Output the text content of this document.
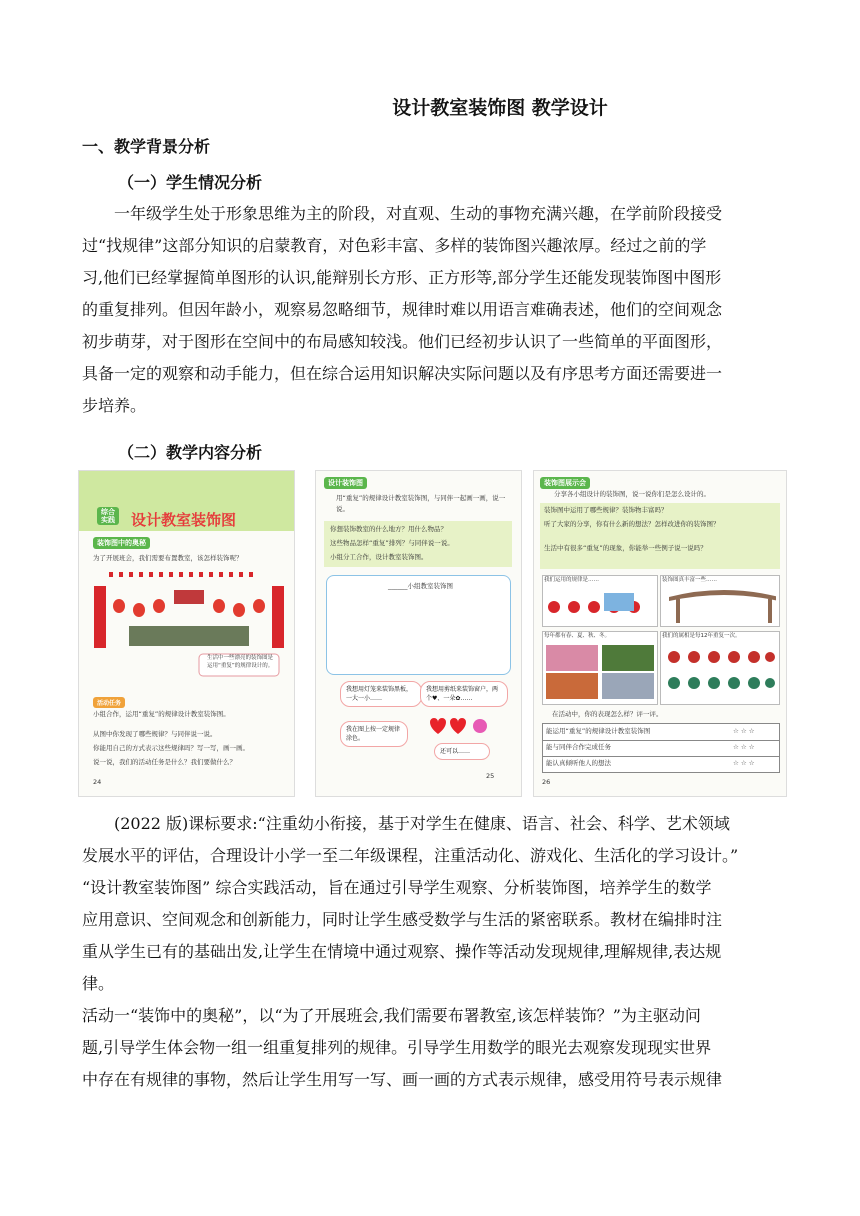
设计教室装饰图 教学设计
一、教学背景分析
（一）学生情况分析
　　一年级学生处于形象思维为主的阶段，对直观、生动的事物充满兴趣，在学前阶段接受
过“找规律”这部分知识的启蒙教育，对色彩丰富、多样的装饰图兴趣浓厚。经过之前的学
习,他们已经掌握简单图形的认识,能辩别长方形、正方形等,部分学生还能发现装饰图中图形
的重复排列。但因年龄小，观察易忽略细节，规律时难以用语言难确表述，他们的空间观念
初步萌芽，对于图形在空间中的布局感知较浅。他们已经初步认识了一些简单的平面图形，
具备一定的观察和动手能力，但在综合运用知识解决实际问题以及有序思考方面还需要进一
步培养。
（二）教学内容分析
综合
实践 设计教室装饰图
装饰图中的奥秘
为了开展班会，我们需要布置教室，该怎样装饰呢？
生活中一些漂亮的装饰图是运用“重复”的规律设计的。
活动任务
小组合作，运用“重复”的规律设计教室装饰图。
从图中你发现了哪些规律？与同伴说一说。
你能用自己的方式表示这些规律吗？写一写，画一画。
说一说，我们的活动任务是什么？我们要做什么？
24
设计装饰图
用“重复”的规律设计教室装饰图，与同伴一起画一画，说一说。
你想装饰教室的什么地方？用什么物品？
这些物品怎样“重复”排列？与同伴说一说。
小组分工合作，设计教室装饰图。
______小组教室装饰图
我想用灯笼来装饰黑板，一大一小……
我想用剪纸来装饰窗户，两个♥、一朵✿……
我在图上按一定规律涂色。
还可以……
25
装饰图展示会
分享各小组设计的装饰图，说一说你们是怎么设计的。
装饰图中运用了哪些规律？装饰物丰富吗？
听了大家的分享，你有什么新的想法？怎样改进你的装饰图？
生活中有很多“重复”的现象，你能举一些例子说一说吗？
我们运用的规律是……	装饰图真丰富一些……
每年都有春、夏、秋、冬。	我们的属相是每12年重复一次。
在活动中，你的表现怎么样？评一评。
能运用“重复”的规律设计教室装饰图	☆ ☆ ☆
能与同伴合作完成任务	☆ ☆ ☆
能认真倾听他人的想法	☆ ☆ ☆
26
　　(2022 版)课标要求:“注重幼小衔接，基于对学生在健康、语言、社会、科学、艺术领域
发展水平的评估，合理设计小学一至二年级课程，注重活动化、游戏化、生活化的学习设计。”
“设计教室装饰图” 综合实践活动，旨在通过引导学生观察、分析装饰图，培养学生的数学
应用意识、空间观念和创新能力，同时让学生感受数学与生活的紧密联系。教材在编排时注
重从学生已有的基础出发,让学生在情境中通过观察、操作等活动发现规律,理解规律,表达规
律。
活动一“装饰中的奥秘”，以“为了开展班会,我们需要布署教室,该怎样装饰？”为主驱动问
题,引导学生体会物一组一组重复排列的规律。引导学生用数学的眼光去观察发现现实世界
中存在有规律的事物，然后让学生用写一写、画一画的方式表示规律，感受用符号表示规律
